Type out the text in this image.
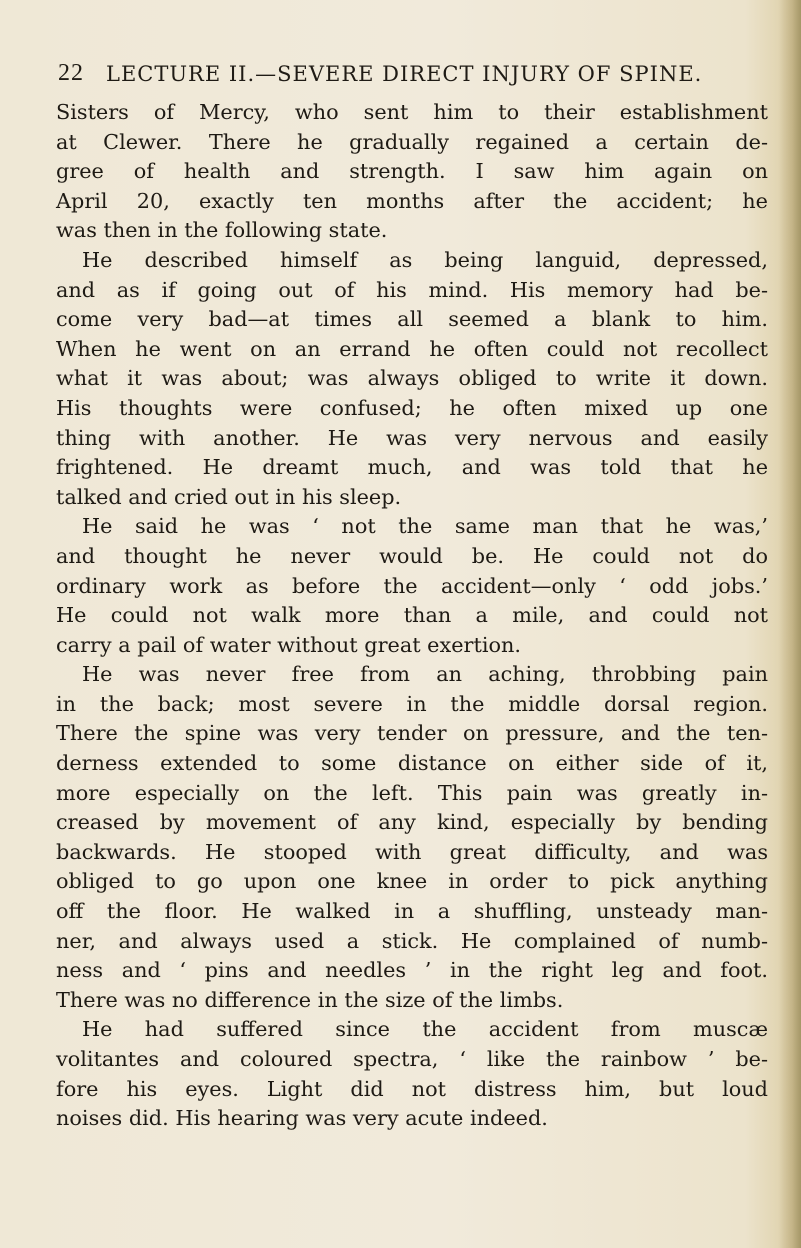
22 LECTURE II.—SEVERE DIRECT INJURY OF SPINE.
Sisters of Mercy, who sent him to their establishment
at Clewer. There he gradually regained a certain de-
gree of health and strength. I saw him again on
April 20, exactly ten months after the accident; he
was then in the following state.
He described himself as being languid, depressed,
and as if going out of his mind. His memory had be-
come very bad—at times all seemed a blank to him.
When he went on an errand he often could not recollect
what it was about; was always obliged to write it down.
His thoughts were confused; he often mixed up one
thing with another. He was very nervous and easily
frightened. He dreamt much, and was told that he
talked and cried out in his sleep.
He said he was ‘ not the same man that he was,’
and thought he never would be. He could not do
ordinary work as before the accident—only ‘ odd jobs.’
He could not walk more than a mile, and could not
carry a pail of water without great exertion.
He was never free from an aching, throbbing pain
in the back; most severe in the middle dorsal region.
There the spine was very tender on pressure, and the ten-
derness extended to some distance on either side of it,
more especially on the left. This pain was greatly in-
creased by movement of any kind, especially by bending
backwards. He stooped with great difficulty, and was
obliged to go upon one knee in order to pick anything
off the floor. He walked in a shuffling, unsteady man-
ner, and always used a stick. He complained of numb-
ness and ‘ pins and needles ’ in the right leg and foot.
There was no difference in the size of the limbs.
He had suffered since the accident from muscæ
volitantes and coloured spectra, ‘ like the rainbow ’ be-
fore his eyes. Light did not distress him, but loud
noises did. His hearing was very acute indeed.
